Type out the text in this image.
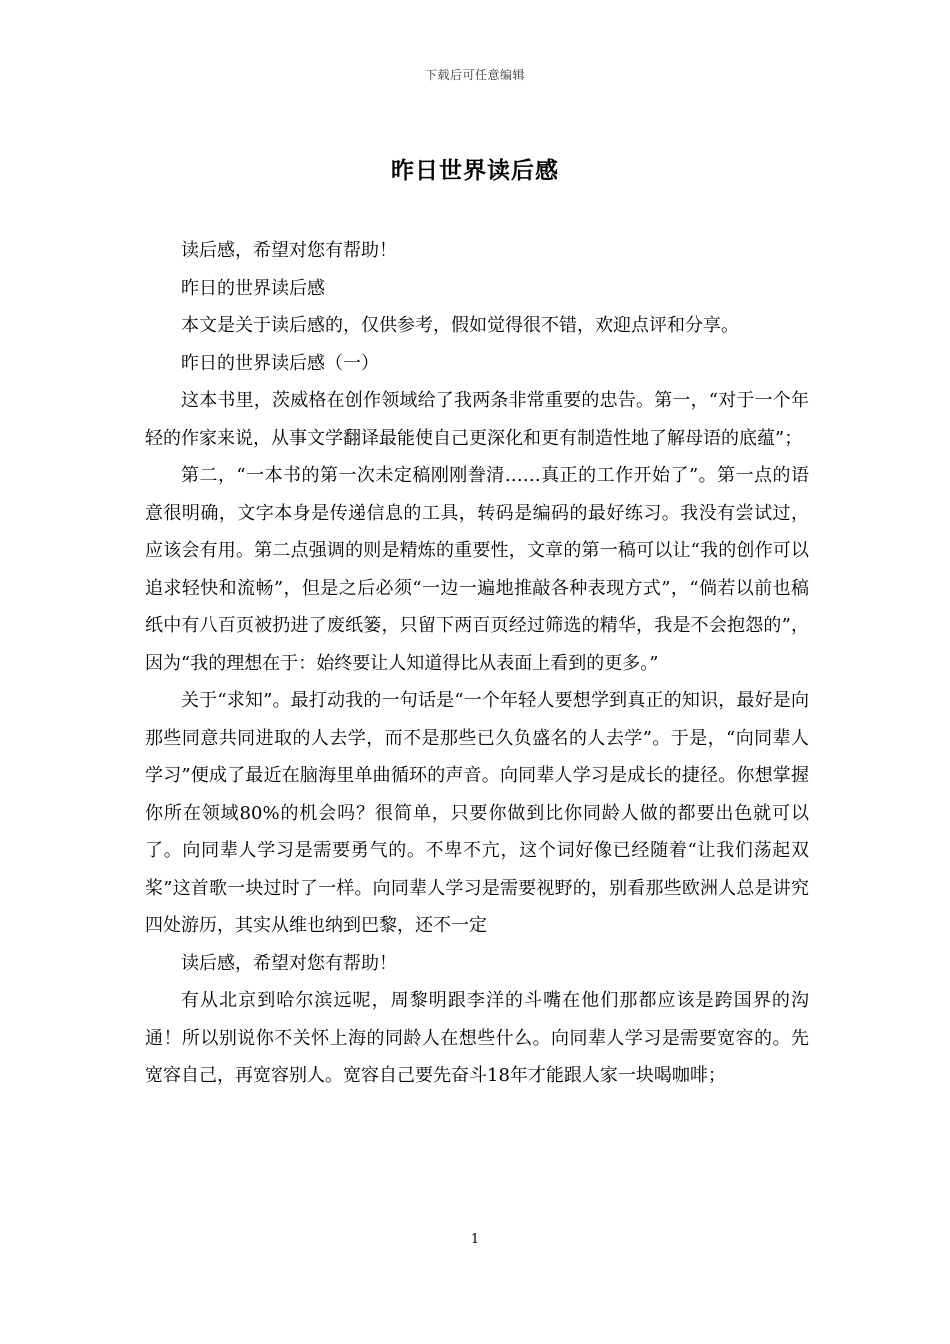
下载后可任意编辑
昨日世界读后感

读后感，希望对您有帮助！

昨日的世界读后感

本文是关于读后感的，仅供参考，假如觉得很不错，欢迎点评和分享。

昨日的世界读后感（一）

这本书里，茨威格在创作领域给了我两条非常重要的忠告。第一，“对于一个年轻的作家来说，从事文学翻译最能使自己更深化和更有制造性地了解母语的底蕴”；

第二，“一本书的第一次未定稿刚刚誊清……真正的工作开始了”。第一点的语意很明确，文字本身是传递信息的工具，转码是编码的最好练习。我没有尝试过，应该会有用。第二点强调的则是精炼的重要性，文章的第一稿可以让“我的创作可以追求轻快和流畅”，但是之后必须“一边一遍地推敲各种表现方式”，“倘若以前也稿纸中有八百页被扔进了废纸篓，只留下两百页经过筛选的精华，我是不会抱怨的”，因为“我的理想在于：始终要让人知道得比从表面上看到的更多。”

关于“求知”。最打动我的一句话是“一个年轻人要想学到真正的知识，最好是向那些同意共同进取的人去学，而不是那些已久负盛名的人去学”。于是，“向同辈人学习”便成了最近在脑海里单曲循环的声音。向同辈人学习是成长的捷径。你想掌握你所在领域80%的机会吗？很简单，只要你做到比你同龄人做的都要出色就可以了。向同辈人学习是需要勇气的。不卑不亢，这个词好像已经随着“让我们荡起双桨”这首歌一块过时了一样。向同辈人学习是需要视野的，别看那些欧洲人总是讲究四处游历，其实从维也纳到巴黎，还不一定

读后感，希望对您有帮助！

有从北京到哈尔滨远呢，周黎明跟李洋的斗嘴在他们那都应该是跨国界的沟通！所以别说你不关怀上海的同龄人在想些什么。向同辈人学习是需要宽容的。先宽容自己，再宽容别人。宽容自己要先奋斗18年才能跟人家一块喝咖啡；

1
